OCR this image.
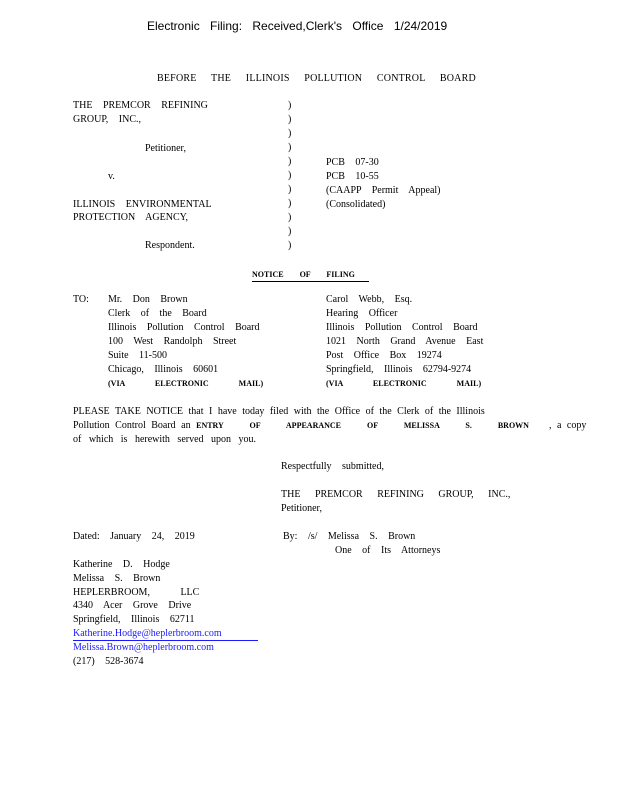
Electronic Filing: Received,Clerk's Office 1/24/2019
BEFORE THE ILLINOIS POLLUTION CONTROL BOARD
THE PREMCOR REFINING
GROUP, INC.,
Petitioner,
v.
ILLINOIS ENVIRONMENTAL
PROTECTION AGENCY,
Respondent.
)
)
)
)
)
)
)
)
)
)
)
PCB 07-30
PCB 10-55
(CAAPP Permit Appeal)
(Consolidated)
NOTICE OF FILING
TO: Mr. Don Brown
Clerk of the Board
Illinois Pollution Control Board
100 West Randolph Street
Suite 11-500
Chicago, Illinois 60601
(VIA ELECTRONIC MAIL)
Carol Webb, Esq.
Hearing Officer
Illinois Pollution Control Board
1021 North Grand Avenue East
Post Office Box 19274
Springfield, Illinois 62794-9274
(VIA ELECTRONIC MAIL)
PLEASE TAKE NOTICE that I have today filed with the Office of the Clerk of the Illinois
Pollution Control Board an ENTRY OF APPEARANCE OF MELISSA S. BROWN , a copy
of which is herewith served upon you.
Respectfully submitted,
THE PREMCOR REFINING GROUP, INC.,
Petitioner,
Dated: January 24, 2019	By: /s/ Melissa S. Brown
One of Its Attorneys
Katherine D. Hodge
Melissa S. Brown
HEPLERBROOM, LLC
4340 Acer Grove Drive
Springfield, Illinois 62711
Katherine.Hodge@heplerbroom.com
Melissa.Brown@heplerbroom.com
(217) 528-3674
